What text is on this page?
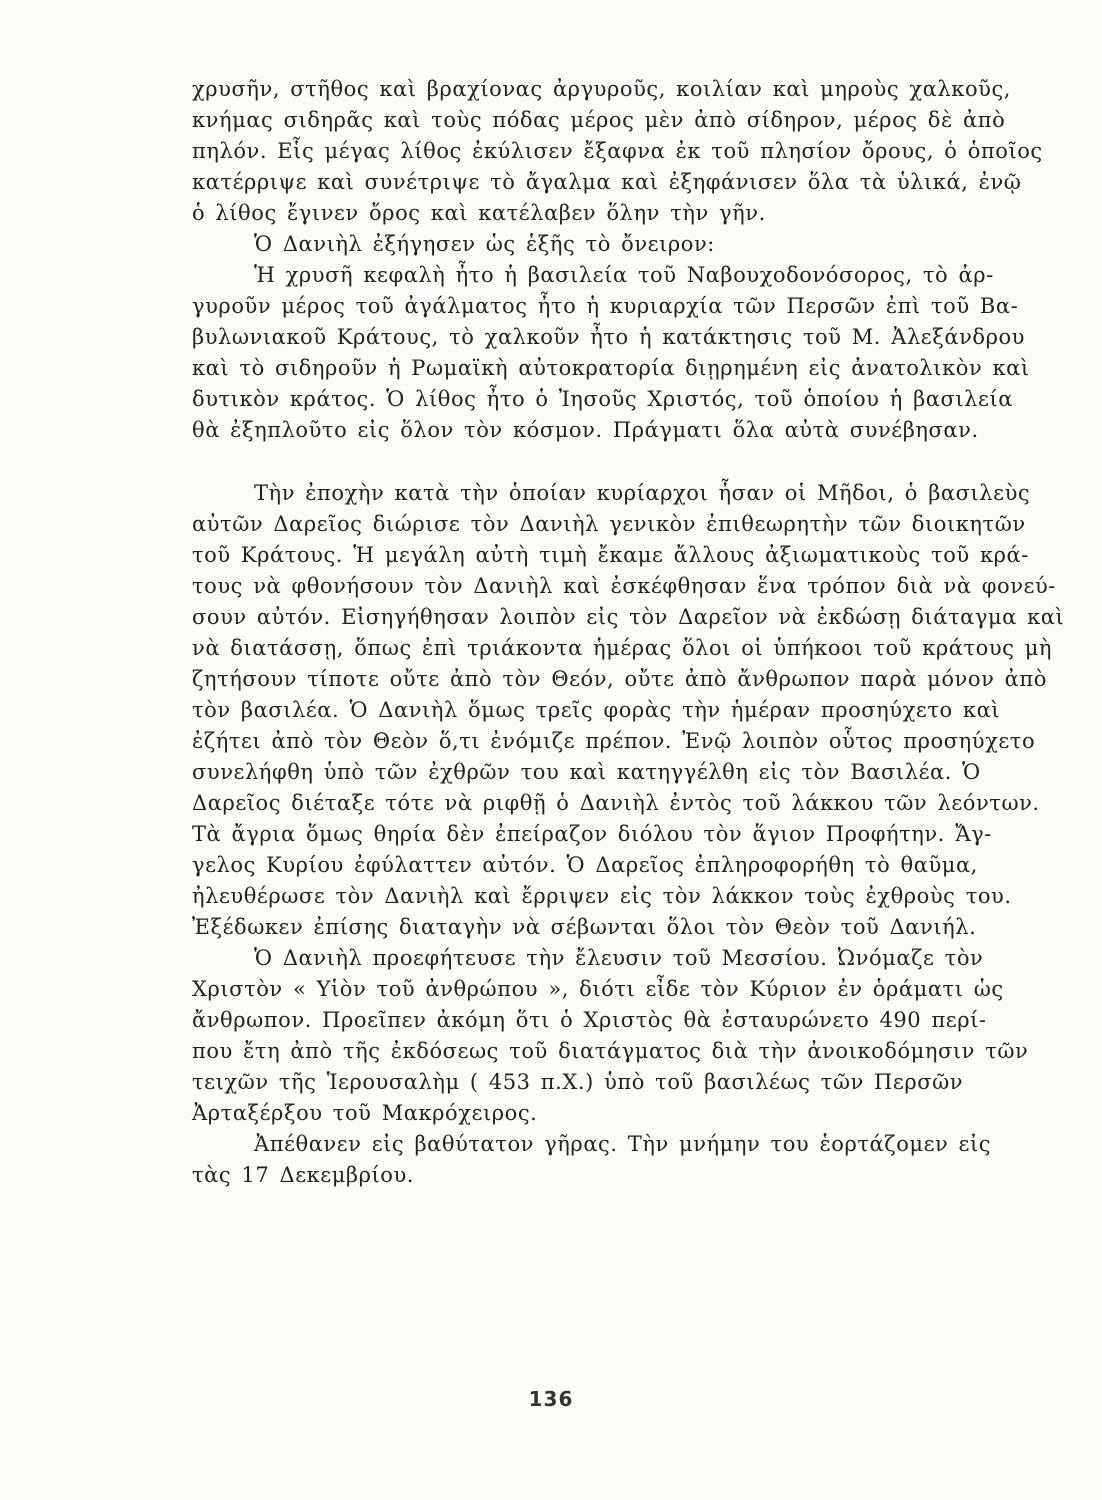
χρυσῆν, στῆθος καὶ βραχίονας ἀργυροῦς, κοιλίαν καὶ μηροὺς χαλκοῦς,
κνήμας σιδηρᾶς καὶ τοὺς πόδας μέρος μὲν ἀπὸ σίδηρον, μέρος δὲ ἀπὸ
πηλόν. Εἷς μέγας λίθος ἐκύλισεν ἔξαφνα ἐκ τοῦ πλησίον ὄρους, ὁ ὁποῖος
κατέρριψε καὶ συνέτριψε τὸ ἄγαλμα καὶ ἐξηφάνισεν ὅλα τὰ ὑλικά, ἐνῷ
ὁ λίθος ἔγινεν ὄρος καὶ κατέλαβεν ὅλην τὴν γῆν.
Ὁ Δανιὴλ ἐξήγησεν ὡς ἑξῆς τὸ ὄνειρον:
Ἡ χρυσῆ κεφαλὴ ἦτο ἡ βασιλεία τοῦ Ναβουχοδονόσορος, τὸ ἀρ-
γυροῦν μέρος τοῦ ἀγάλματος ἦτο ἡ κυριαρχία τῶν Περσῶν ἐπὶ τοῦ Βα-
βυλωνιακοῦ Κράτους, τὸ χαλκοῦν ἦτο ἡ κατάκτησις τοῦ Μ. Ἀλεξάνδρου
καὶ τὸ σιδηροῦν ἡ Ρωμαϊκὴ αὐτοκρατορία διῃρημένη εἰς ἀνατολικὸν καὶ
δυτικὸν κράτος. Ὁ λίθος ἦτο ὁ Ἰησοῦς Χριστός, τοῦ ὁποίου ἡ βασιλεία
θὰ ἐξηπλοῦτο εἰς ὅλον τὸν κόσμον. Πράγματι ὅλα αὐτὰ συνέβησαν.
Τὴν ἐποχὴν κατὰ τὴν ὁποίαν κυρίαρχοι ἦσαν οἱ Μῆδοι, ὁ βασιλεὺς
αὐτῶν Δαρεῖος διώρισε τὸν Δανιὴλ γενικὸν ἐπιθεωρητὴν τῶν διοικητῶν
τοῦ Κράτους. Ἡ μεγάλη αὐτὴ τιμὴ ἔκαμε ἄλλους ἀξιωματικοὺς τοῦ κρά-
τους νὰ φθονήσουν τὸν Δανιὴλ καὶ ἐσκέφθησαν ἕνα τρόπον διὰ νὰ φονεύ-
σουν αὐτόν. Εἰσηγήθησαν λοιπὸν εἰς τὸν Δαρεῖον νὰ ἐκδώσῃ διάταγμα καὶ
νὰ διατάσσῃ, ὅπως ἐπὶ τριάκοντα ἡμέρας ὅλοι οἱ ὑπήκοοι τοῦ κράτους μὴ
ζητήσουν τίποτε οὔτε ἀπὸ τὸν Θεόν, οὔτε ἀπὸ ἄνθρωπον παρὰ μόνον ἀπὸ
τὸν βασιλέα. Ὁ Δανιὴλ ὅμως τρεῖς φορὰς τὴν ἡμέραν προσηύχετο καὶ
ἐζήτει ἀπὸ τὸν Θεὸν ὅ,τι ἐνόμιζε πρέπον. Ἐνῷ λοιπὸν οὗτος προσηύχετο
συνελήφθη ὑπὸ τῶν ἐχθρῶν του καὶ κατηγγέλθη εἰς τὸν Βασιλέα. Ὁ
Δαρεῖος διέταξε τότε νὰ ριφθῇ ὁ Δανιὴλ ἐντὸς τοῦ λάκκου τῶν λεόντων.
Τὰ ἄγρια ὅμως θηρία δὲν ἐπείραζον διόλου τὸν ἅγιον Προφήτην. Ἄγ-
γελος Κυρίου ἐφύλαττεν αὐτόν. Ὁ Δαρεῖος ἐπληροφορήθη τὸ θαῦμα,
ἠλευθέρωσε τὸν Δανιὴλ καὶ ἔρριψεν εἰς τὸν λάκκον τοὺς ἐχθροὺς του.
Ἐξέδωκεν ἐπίσης διαταγὴν νὰ σέβωνται ὅλοι τὸν Θεὸν τοῦ Δανιήλ.
Ὁ Δανιὴλ προεφήτευσε τὴν ἔλευσιν τοῦ Μεσσίου. Ὠνόμαζε τὸν
Χριστὸν « Υἱὸν τοῦ ἀνθρώπου », διότι εἶδε τὸν Κύριον ἐν ὁράματι ὡς
ἄνθρωπον. Προεῖπεν ἀκόμη ὅτι ὁ Χριστὸς θὰ ἐσταυρώνετο 490 περί-
που ἔτη ἀπὸ τῆς ἐκδόσεως τοῦ διατάγματος διὰ τὴν ἀνοικοδόμησιν τῶν
τειχῶν τῆς Ἱερουσαλὴμ ( 453 π.Χ.) ὑπὸ τοῦ βασιλέως τῶν Περσῶν
Ἀρταξέρξου τοῦ Μακρόχειρος.
Ἀπέθανεν εἰς βαθύτατον γῆρας. Τὴν μνήμην του ἑορτάζομεν εἰς
τὰς 17 Δεκεμβρίου.
136
